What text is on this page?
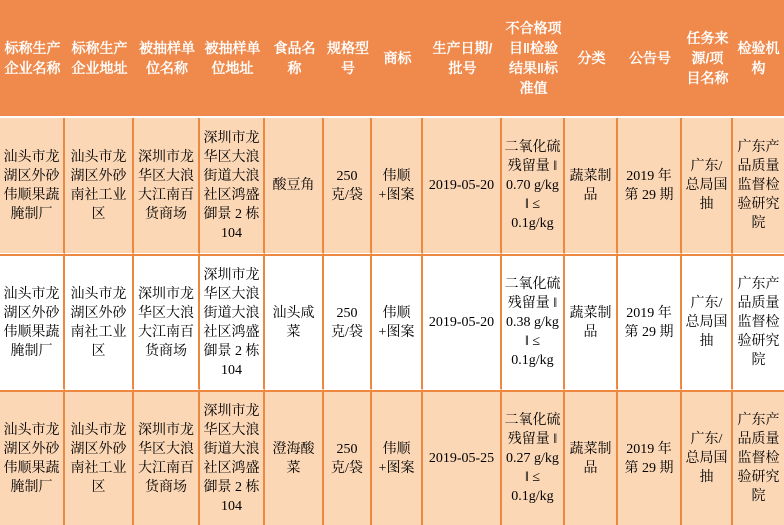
标称生产企业名称	标称生产企业地址	被抽样单位名称	被抽样单位地址	食品名称	规格型号	商标	生产日期/批号	不合格项目‖检验结果‖标准值	分类	公告号	任务来源/项目名称	检验机构
汕头市龙湖区外砂伟顺果蔬腌制厂	汕头市龙湖区外砂南社工业区	深圳市龙华区大浪大江南百货商场	深圳市龙华区大浪街道大浪社区鸿盛御景 2 栋 104	酸豆角	250 克/袋	伟顺+图案	2019-05-20	二氧化硫残留量 ‖ 0.70 g/kg ‖ ≤ 0.1g/kg	蔬菜制品	2019 年第 29 期	广东/总局国抽	广东产品质量监督检验研究院
汕头市龙湖区外砂伟顺果蔬腌制厂	汕头市龙湖区外砂南社工业区	深圳市龙华区大浪大江南百货商场	深圳市龙华区大浪街道大浪社区鸿盛御景 2 栋 104	汕头咸菜	250 克/袋	伟顺+图案	2019-05-20	二氧化硫残留量 ‖ 0.38 g/kg ‖ ≤ 0.1g/kg	蔬菜制品	2019 年第 29 期	广东/总局国抽	广东产品质量监督检验研究院
汕头市龙湖区外砂伟顺果蔬腌制厂	汕头市龙湖区外砂南社工业区	深圳市龙华区大浪大江南百货商场	深圳市龙华区大浪街道大浪社区鸿盛御景 2 栋 104	澄海酸菜	250 克/袋	伟顺+图案	2019-05-25	二氧化硫残留量 ‖ 0.27 g/kg ‖ ≤ 0.1g/kg	蔬菜制品	2019 年第 29 期	广东/总局国抽	广东产品质量监督检验研究院
